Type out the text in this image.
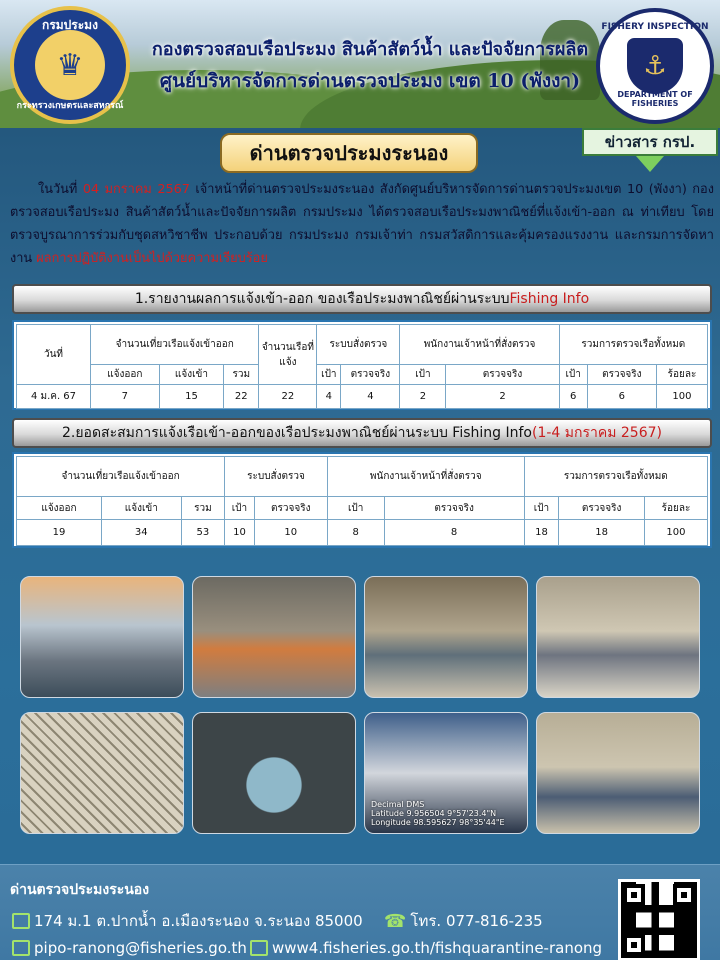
กรมประมง
♛
กระทรวงเกษตรและสหกรณ์
กองตรวจสอบเรือประมง สินค้าสัตว์น้ำ และปัจจัยการผลิต
ศูนย์บริหารจัดการด่านตรวจประมง เขต 10 (พังงา)
FISHERY INSPECTION
⚓
DEPARTMENT OF FISHERIES
ด่านตรวจประมงระนอง	ข่าวสาร กรป.
ในวันที่ 04 มกราคม 2567 เจ้าหน้าที่ด่านตรวจประมงระนอง สังกัดศูนย์บริหารจัดการด่านตรวจประมงเขต 10 (พังงา) กองตรวจสอบเรือประมง สินค้าสัตว์น้ำและปัจจัยการผลิต กรมประมง ได้ตรวจสอบเรือประมงพาณิชย์ที่แจ้งเข้า-ออก ณ ท่าเทียบ โดยตรวจบูรณาการร่วมกับชุดสหวิชาชีพ ประกอบด้วย กรมประมง กรมเจ้าท่า กรมสวัสดิการและคุ้มครองแรงงาน และกรมการจัดหางาน ผลการปฏิบัติงานเป็นไปด้วยความเรียบร้อย
1.รายงานผลการแจ้งเข้า-ออก ของเรือประมงพาณิชย์ผ่านระบบ Fishing Info
วันที่	จำนวนเที่ยวเรือแจ้งเข้าออก			จำนวนเรือที่แจ้ง	ระบบสั่งตรวจ		พนักงานเจ้าหน้าที่สั่งตรวจ		รวมการตรวจเรือทั้งหมด		
	แจ้งออก	แจ้งเข้า	รวม		เป้า	ตรวจจริง	เป้า	ตรวจจริง	เป้า	ตรวจจริง	ร้อยละ
4 ม.ค. 67	7	15	22	22	4	4	2	2	6	6	100
2.ยอดสะสมการแจ้งเรือเข้า-ออกของเรือประมงพาณิชย์ผ่านระบบ Fishing Info (1-4 มกราคม 2567)
จำนวนเที่ยวเรือแจ้งเข้าออก			ระบบสั่งตรวจ		พนักงานเจ้าหน้าที่สั่งตรวจ		รวมการตรวจเรือทั้งหมด		
แจ้งออก	แจ้งเข้า	รวม	เป้า	ตรวจจริง	เป้า	ตรวจจริง	เป้า	ตรวจจริง	ร้อยละ
19	34	53	10	10	8	8	18	18	100
Decimal DMS
Latitude 9.956504 9°57'23.4"N
Longitude 98.595627 98°35'44"E
ด่านตรวจประมงระนอง
174 ม.1 ต.ปากน้ำ อ.เมืองระนอง จ.ระนอง 85000 ☎ โทร. 077-816-235
pipo-ranong@fisheries.go.th www4.fisheries.go.th/fishquarantine-ranong
